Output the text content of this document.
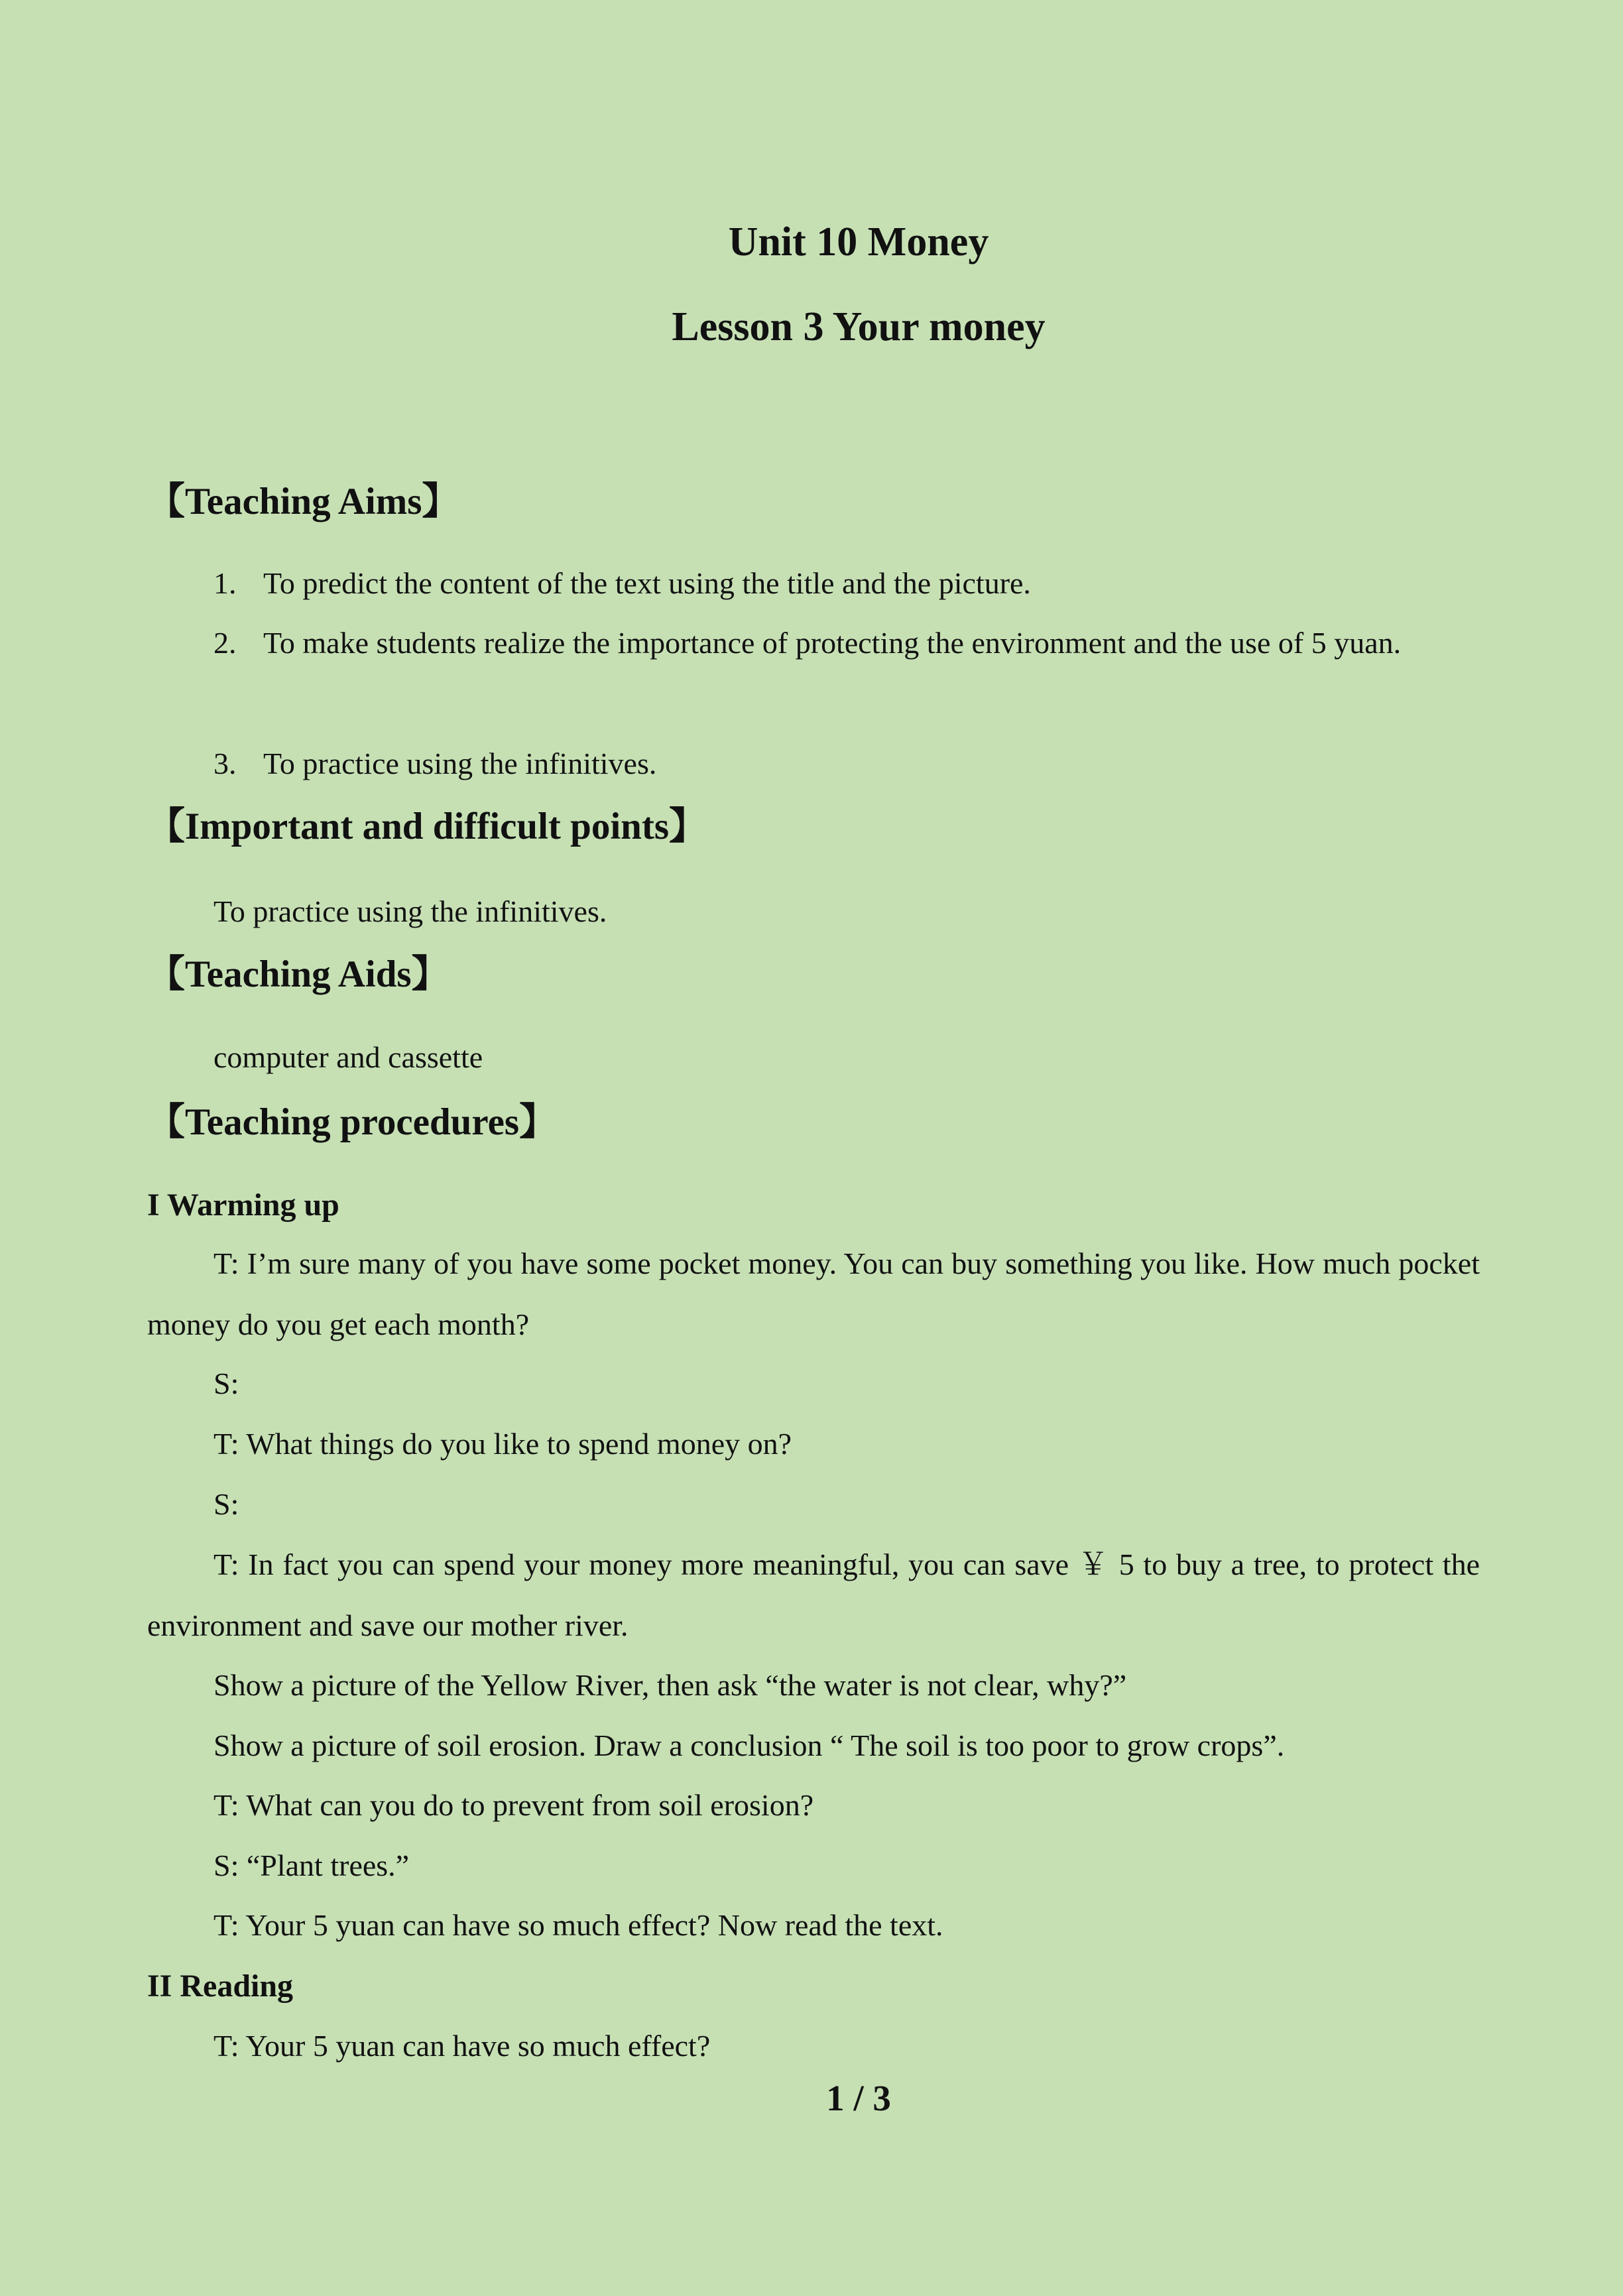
Unit 10 Money
Lesson 3 Your money
【Teaching Aims】
1. To predict the content of the text using the title and the picture.
2. To make students realize the importance of protecting the environment and the use of 5 yuan.
3. To practice using the infinitives.
【Important and difficult points】
To practice using the infinitives.
【Teaching Aids】
computer and cassette
【Teaching procedures】
I Warming up
T: I’m sure many of you have some pocket money. You can buy something you like. How much pocket money do you get each month?
S:
T: What things do you like to spend money on?
S:
T: In fact you can spend your money more meaningful, you can save ￥ 5 to buy a tree, to protect the environment and save our mother river.
Show a picture of the Yellow River, then ask “the water is not clear, why?”
Show a picture of soil erosion. Draw a conclusion “ The soil is too poor to grow crops”.
T: What can you do to prevent from soil erosion?
S: “Plant trees.”
T: Your 5 yuan can have so much effect? Now read the text.
II Reading
T: Your 5 yuan can have so much effect?
1 / 3
